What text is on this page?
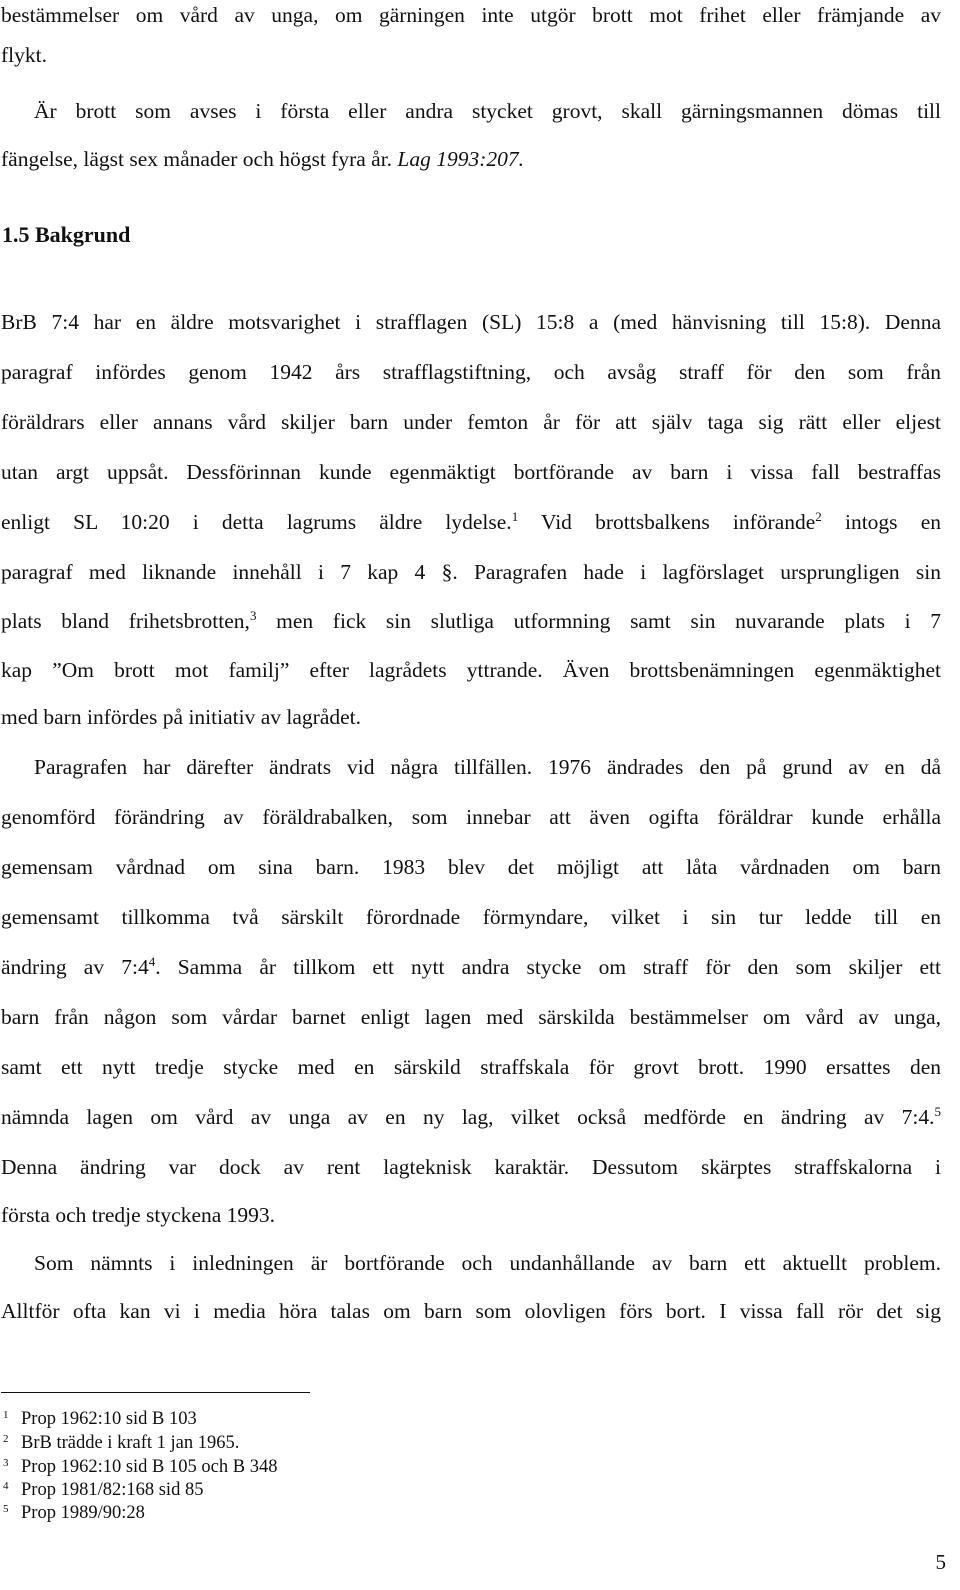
bestämmelser om vård av unga, om gärningen inte utgör brott mot frihet eller främjande av
flykt.
Är brott som avses i första eller andra stycket grovt, skall gärningsmannen dömas till
fängelse, lägst sex månader och högst fyra år. Lag 1993:207.
1.5 Bakgrund
BrB 7:4 har en äldre motsvarighet i strafflagen (SL) 15:8 a (med hänvisning till 15:8). Denna
paragraf infördes genom 1942 års strafflagstiftning, och avsåg straff för den som från
föräldrars eller annans vård skiljer barn under femton år för att själv taga sig rätt eller eljest
utan argt uppsåt. Dessförinnan kunde egenmäktigt bortförande av barn i vissa fall bestraffas
enligt SL 10:20 i detta lagrums äldre lydelse.$^1$ Vid brottsbalkens införande$^2$ intogs en
paragraf med liknande innehåll i 7 kap 4 §. Paragrafen hade i lagförslaget ursprungligen sin
plats bland frihetsbrotten,$^3$ men fick sin slutliga utformning samt sin nuvarande plats i 7
kap ”Om brott mot familj” efter lagrådets yttrande. Även brottsbenämningen egenmäktighet
med barn infördes på initiativ av lagrådet.
Paragrafen har därefter ändrats vid några tillfällen. 1976 ändrades den på grund av en då
genomförd förändring av föräldrabalken, som innebar att även ogifta föräldrar kunde erhålla
gemensam vårdnad om sina barn. 1983 blev det möjligt att låta vårdnaden om barn
gemensamt tillkomma två särskilt förordnade förmyndare, vilket i sin tur ledde till en
ändring av $7:4^4$. Samma år tillkom ett nytt andra stycke om straff för den som skiljer ett
barn från någon som vårdar barnet enligt lagen med särskilda bestämmelser om vård av unga,
samt ett nytt tredje stycke med en särskild straffskala för grovt brott. 1990 ersattes den
nämnda lagen om vård av unga av en ny lag, vilket också medförde en ändring av 7:4.$^5$
Denna ändring var dock av rent lagteknisk karaktär. Dessutom skärptes straffskalorna i
första och tredje styckena 1993.
Som nämnts i inledningen är bortförande och undanhållande av barn ett aktuellt problem.
Alltför ofta kan vi i media höra talas om barn som olovligen förs bort. I vissa fall rör det sig
1 Prop 1962:10 sid B 103
2 BrB trädde i kraft 1 jan 1965.
3 Prop 1962:10 sid B 105 och B 348
4 Prop 1981/82:168 sid 85
5 Prop 1989/90:28
5
